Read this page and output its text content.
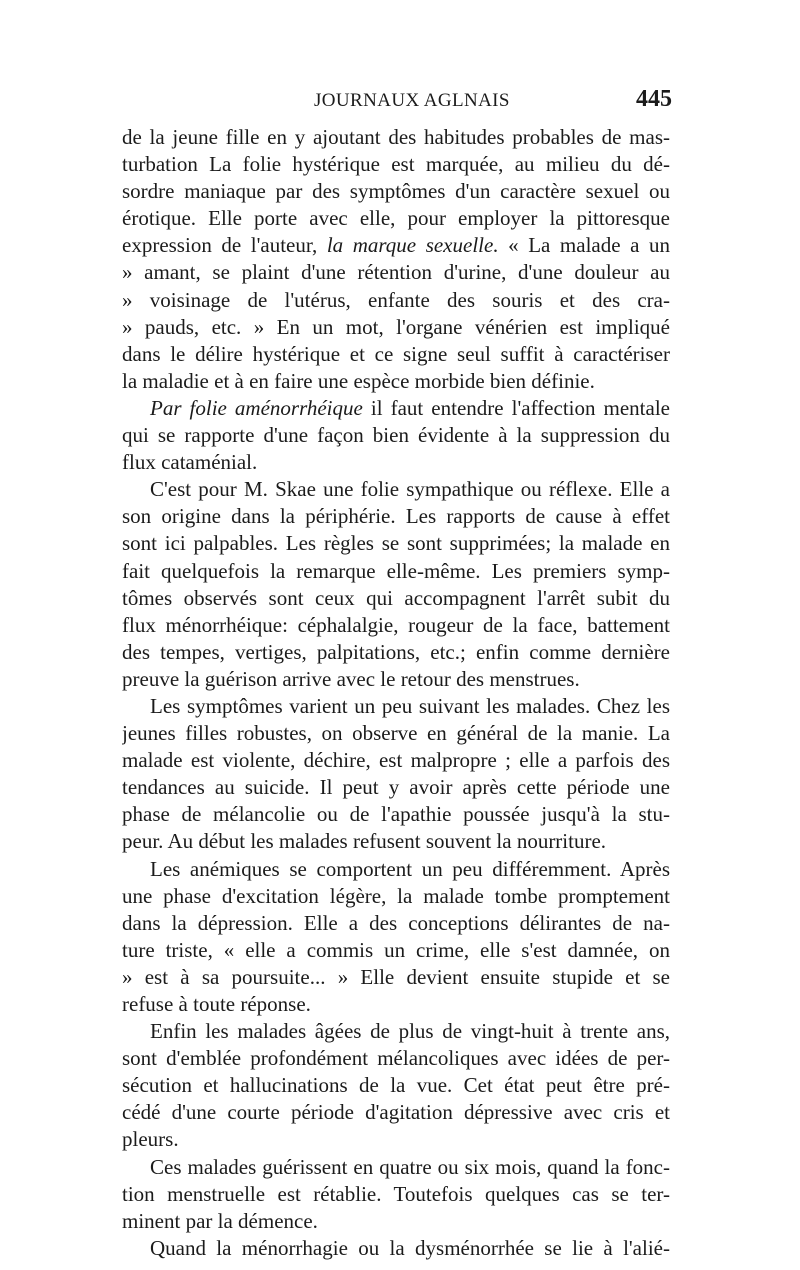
JOURNAUX AGLNAIS	445
de la jeune fille en y ajoutant des habitudes probables de mas-
turbation La folie hystérique est marquée, au milieu du dé-
sordre maniaque par des symptômes d'un caractère sexuel ou
érotique. Elle porte avec elle, pour employer la pittoresque
expression de l'auteur, la marque sexuelle. « La malade a un
» amant, se plaint d'une rétention d'urine, d'une douleur au
» voisinage de l'utérus, enfante des souris et des cra-
» pauds, etc. » En un mot, l'organe vénérien est impliqué
dans le délire hystérique et ce signe seul suffit à caractériser
la maladie et à en faire une espèce morbide bien définie.
Par folie aménorrhéique il faut entendre l'affection mentale
qui se rapporte d'une façon bien évidente à la suppression du
flux cataménial.
C'est pour M. Skae une folie sympathique ou réflexe. Elle a
son origine dans la périphérie. Les rapports de cause à effet
sont ici palpables. Les règles se sont supprimées; la malade en
fait quelquefois la remarque elle-même. Les premiers symp-
tômes observés sont ceux qui accompagnent l'arrêt subit du
flux ménorrhéique: céphalalgie, rougeur de la face, battement
des tempes, vertiges, palpitations, etc.; enfin comme dernière
preuve la guérison arrive avec le retour des menstrues.
Les symptômes varient un peu suivant les malades. Chez les
jeunes filles robustes, on observe en général de la manie. La
malade est violente, déchire, est malpropre ; elle a parfois des
tendances au suicide. Il peut y avoir après cette période une
phase de mélancolie ou de l'apathie poussée jusqu'à la stu-
peur. Au début les malades refusent souvent la nourriture.
Les anémiques se comportent un peu différemment. Après
une phase d'excitation légère, la malade tombe promptement
dans la dépression. Elle a des conceptions délirantes de na-
ture triste, « elle a commis un crime, elle s'est damnée, on
» est à sa poursuite... » Elle devient ensuite stupide et se
refuse à toute réponse.
Enfin les malades âgées de plus de vingt-huit à trente ans,
sont d'emblée profondément mélancoliques avec idées de per-
sécution et hallucinations de la vue. Cet état peut être pré-
cédé d'une courte période d'agitation dépressive avec cris et
pleurs.
Ces malades guérissent en quatre ou six mois, quand la fonc-
tion menstruelle est rétablie. Toutefois quelques cas se ter-
minent par la démence.
Quand la ménorrhagie ou la dysménorrhée se lie à l'alié-
